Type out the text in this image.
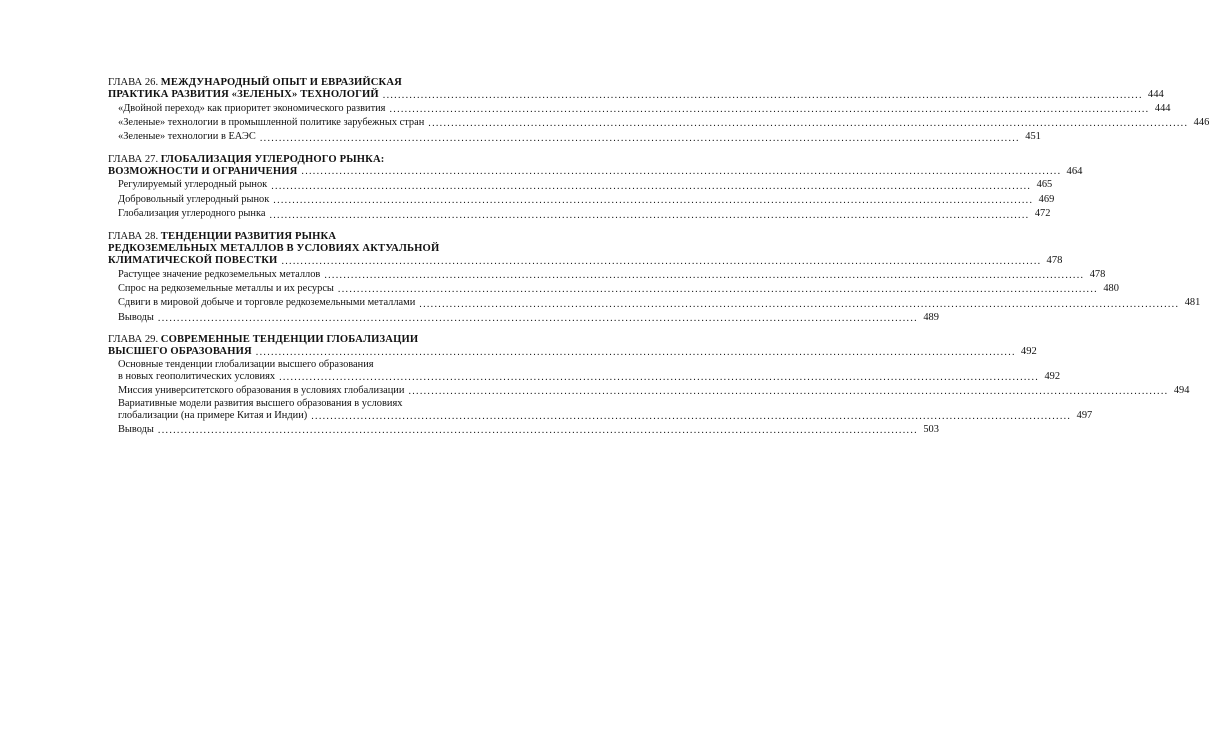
ГЛАВА 26. МЕЖДУНАРОДНЫЙ ОПЫТ И ЕВРАЗИЙСКАЯ
ПРАКТИКА РАЗВИТИЯ «ЗЕЛЕНЫХ» ТЕХНОЛОГИЙ ........................................................................................................................................................................................................ 444
«Двойной переход» как приоритет экономического развития ........................................................................................................................................................................................................ 444
«Зеленые» технологии в промышленной политике зарубежных стран ........................................................................................................................................................................................................ 446
«Зеленые» технологии в ЕАЭС ........................................................................................................................................................................................................ 451
ГЛАВА 27. ГЛОБАЛИЗАЦИЯ УГЛЕРОДНОГО РЫНКА:
ВОЗМОЖНОСТИ И ОГРАНИЧЕНИЯ ........................................................................................................................................................................................................ 464
Регулируемый углеродный рынок ........................................................................................................................................................................................................ 465
Добровольный углеродный рынок ........................................................................................................................................................................................................ 469
Глобализация углеродного рынка ........................................................................................................................................................................................................ 472
ГЛАВА 28. ТЕНДЕНЦИИ РАЗВИТИЯ РЫНКА
РЕДКОЗЕМЕЛЬНЫХ МЕТАЛЛОВ В УСЛОВИЯХ АКТУАЛЬНОЙ
КЛИМАТИЧЕСКОЙ ПОВЕСТКИ ........................................................................................................................................................................................................ 478
Растущее значение редкоземельных металлов ........................................................................................................................................................................................................ 478
Спрос на редкоземельные металлы и их ресурсы ........................................................................................................................................................................................................ 480
Сдвиги в мировой добыче и торговле редкоземельными металлами ........................................................................................................................................................................................................ 481
Выводы ........................................................................................................................................................................................................ 489
ГЛАВА 29. СОВРЕМЕННЫЕ ТЕНДЕНЦИИ ГЛОБАЛИЗАЦИИ
ВЫСШЕГО ОБРАЗОВАНИЯ ........................................................................................................................................................................................................ 492
Основные тенденции глобализации высшего образования
в новых геополитических условиях ........................................................................................................................................................................................................ 492
Миссия университетского образования в условиях глобализации ........................................................................................................................................................................................................ 494
Вариативные модели развития высшего образования в условиях
глобализации (на примере Китая и Индии) ........................................................................................................................................................................................................ 497
Выводы ........................................................................................................................................................................................................ 503
